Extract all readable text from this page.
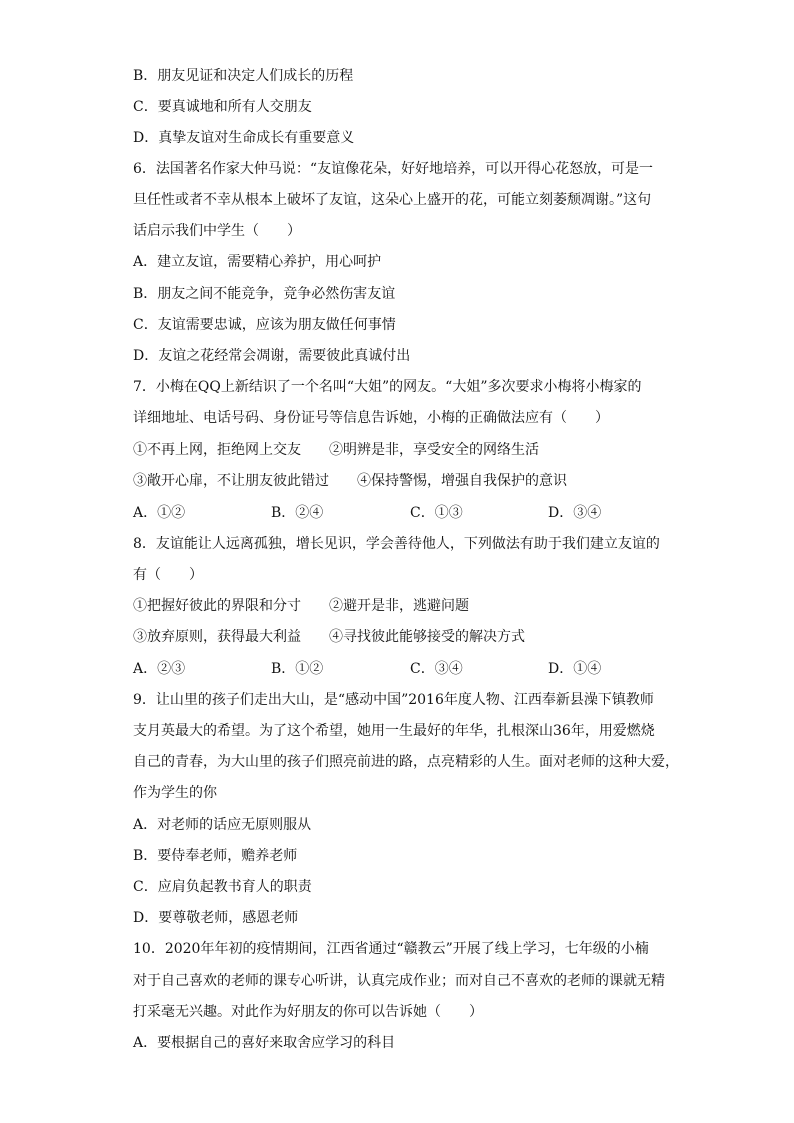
B．朋友见证和决定人们成长的历程
C．要真诚地和所有人交朋友
D．真挚友谊对生命成长有重要意义
6．法国著名作家大仲马说：“友谊像花朵，好好地培养，可以开得心花怒放，可是一
旦任性或者不幸从根本上破坏了友谊，这朵心上盛开的花，可能立刻萎颓凋谢。”这句
话启示我们中学生（　　）
A．建立友谊，需要精心养护，用心呵护
B．朋友之间不能竞争，竞争必然伤害友谊
C．友谊需要忠诚，应该为朋友做任何事情
D．友谊之花经常会凋谢，需要彼此真诚付出
7．小梅在QQ上新结识了一个名叫“大姐”的网友。“大姐”多次要求小梅将小梅家的
详细地址、电话号码、身份证号等信息告诉她，小梅的正确做法应有（　　）
①不再上网，拒绝网上交友 ②明辨是非，享受安全的网络生活
③敞开心扉，不让朋友彼此错过 ④保持警惕，增强自我保护的意识
A．①②	B．②④	C．①③	D．③④
8．友谊能让人远离孤独，增长见识，学会善待他人，下列做法有助于我们建立友谊的
有（　　）
①把握好彼此的界限和分寸 ②避开是非，逃避问题
③放弃原则，获得最大利益 ④寻找彼此能够接受的解决方式
A．②③	B．①②	C．③④	D．①④
9．让山里的孩子们走出大山，是“感动中国”2016年度人物、江西奉新县澡下镇教师
支月英最大的希望。为了这个希望，她用一生最好的年华，扎根深山36年，用爱燃烧
自己的青春，为大山里的孩子们照亮前进的路，点亮精彩的人生。面对老师的这种大爱，
作为学生的你
A．对老师的话应无原则服从
B．要侍奉老师，赡养老师
C．应肩负起教书育人的职责
D．要尊敬老师，感恩老师
10．2020年年初的疫情期间，江西省通过“赣教云”开展了线上学习，七年级的小楠
对于自己喜欢的老师的课专心听讲，认真完成作业；而对自己不喜欢的老师的课就无精
打采毫无兴趣。对此作为好朋友的你可以告诉她（　　）
A．要根据自己的喜好来取舍应学习的科目
